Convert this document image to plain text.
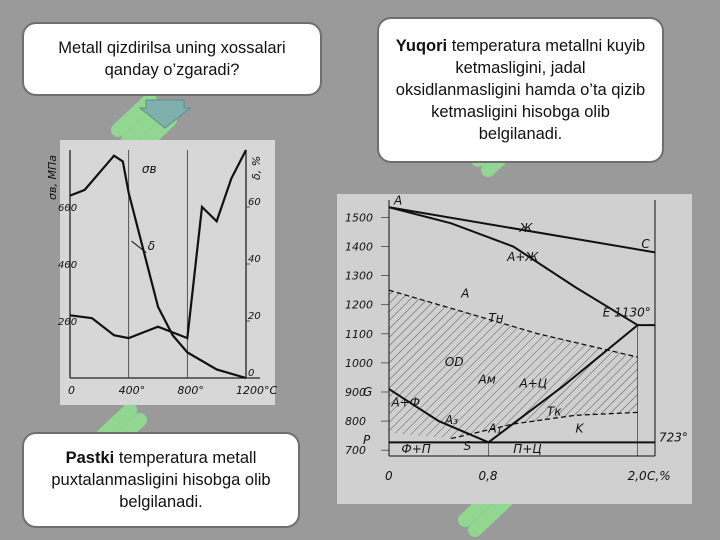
Metall qizdirilsa uning xossalari qanday o’zgaradi?
Yuqori temperatura metallni kuyib ketmasligini, jadal oksidlanmasligini hamda o’ta qizib ketmasligini hisobga olib belgilanadi.
Pastki temperatura metall puxtalanmasligini hisobga olib belgilanadi.
0	400°	800°	1200°C
600
400
200
60
40
20
0
σв, МПа	δ, %
σв
δ
1500
1400
1300
1200
1100
1000
900
800
700
0	0,8	2,0 C,%
A
Ж
A+Ж
A
C
E 1130°
Tн
OD
Aм A+Ц
Tк
G
A+Ф
A₃
A₁	K
723°
P	S
Ф+П	П+Ц
